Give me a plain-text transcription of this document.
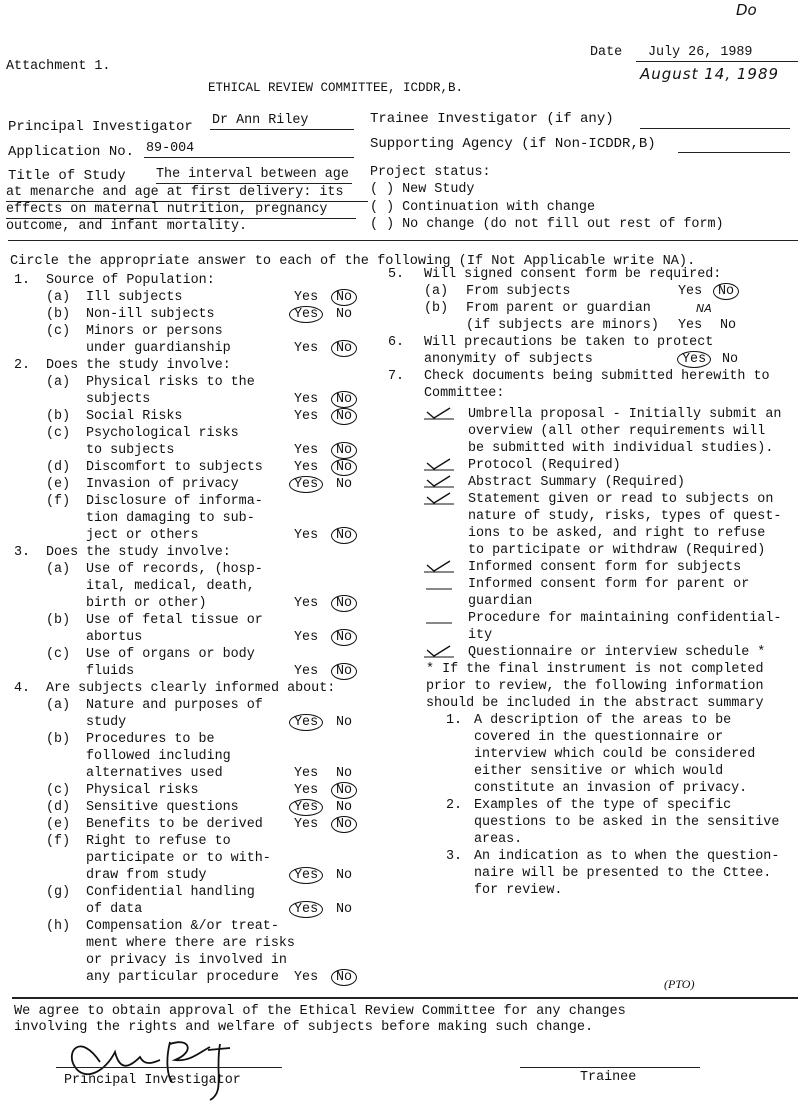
Do
Attachment 1.
Date	July 26, 1989
August 14, 1989
ETHICAL REVIEW COMMITTEE, ICDDR,B.
Principal Investigator Dr Ann Riley	Trainee Investigator (if any)
Application No. 89-004	Supporting Agency (if Non-ICDDR,B)
Title of Study The interval between age
at menarche and age at first delivery: its
effects on maternal nutrition, pregnancy
outcome, and infant mortality.
Project status:
( ) New Study
( ) Continuation with change
( ) No change (do not fill out rest of form)
Circle the appropriate answer to each of the following (If Not Applicable write NA).
1. Source of Population:
(a) Ill subjects	Yes No
(b) Non-ill subjects	Yes No
(c) Minors or persons
under guardianship	Yes No
2. Does the study involve:
(a) Physical risks to the
subjects	Yes No
(b) Social Risks	Yes No
(c) Psychological risks
to subjects	Yes No
(d) Discomfort to subjects Yes No
(e) Invasion of privacy	Yes No
(f) Disclosure of informa-
tion damaging to sub-
ject or others	Yes No
3. Does the study involve:
(a) Use of records, (hosp-
ital, medical, death,
birth or other)	Yes No
(b) Use of fetal tissue or
abortus	Yes No
(c) Use of organs or body
fluids	Yes No
4. Are subjects clearly informed about:
(a) Nature and purposes of
study	Yes No
(b) Procedures to be
followed including
alternatives used	Yes No
(c) Physical risks	Yes No
(d) Sensitive questions	Yes No
(e) Benefits to be derived Yes No
(f) Right to refuse to
participate or to with-
draw from study	Yes No
(g) Confidential handling
of data	Yes No
(h) Compensation &/or treat-
ment where there are risks
or privacy is involved in
any particular procedure Yes No
5. Will signed consent form be required:
(a) From subjects	Yes No
(b) From parent or guardian	NA
(if subjects are minors) Yes No
6. Will precautions be taken to protect
anonymity of subjects	Yes No
7. Check documents being submitted herewith to
Committee:
Umbrella proposal - Initially submit an
overview (all other requirements will
be submitted with individual studies).
Protocol (Required)
Abstract Summary (Required)
Statement given or read to subjects on
nature of study, risks, types of quest-
ions to be asked, and right to refuse
to participate or withdraw (Required)
Informed consent form for subjects
Informed consent form for parent or
guardian
Procedure for maintaining confidential-
ity
Questionnaire or interview schedule *
* If the final instrument is not completed
prior to review, the following information
should be included in the abstract summary
1. A description of the areas to be
covered in the questionnaire or
interview which could be considered
either sensitive or which would
constitute an invasion of privacy.
2. Examples of the type of specific
questions to be asked in the sensitive
areas.
3. An indication as to when the question-
naire will be presented to the Cttee.
for review.
(PTO)
We agree to obtain approval of the Ethical Review Committee for any changes
involving the rights and welfare of subjects before making such change.
Principal Investigator	Trainee
